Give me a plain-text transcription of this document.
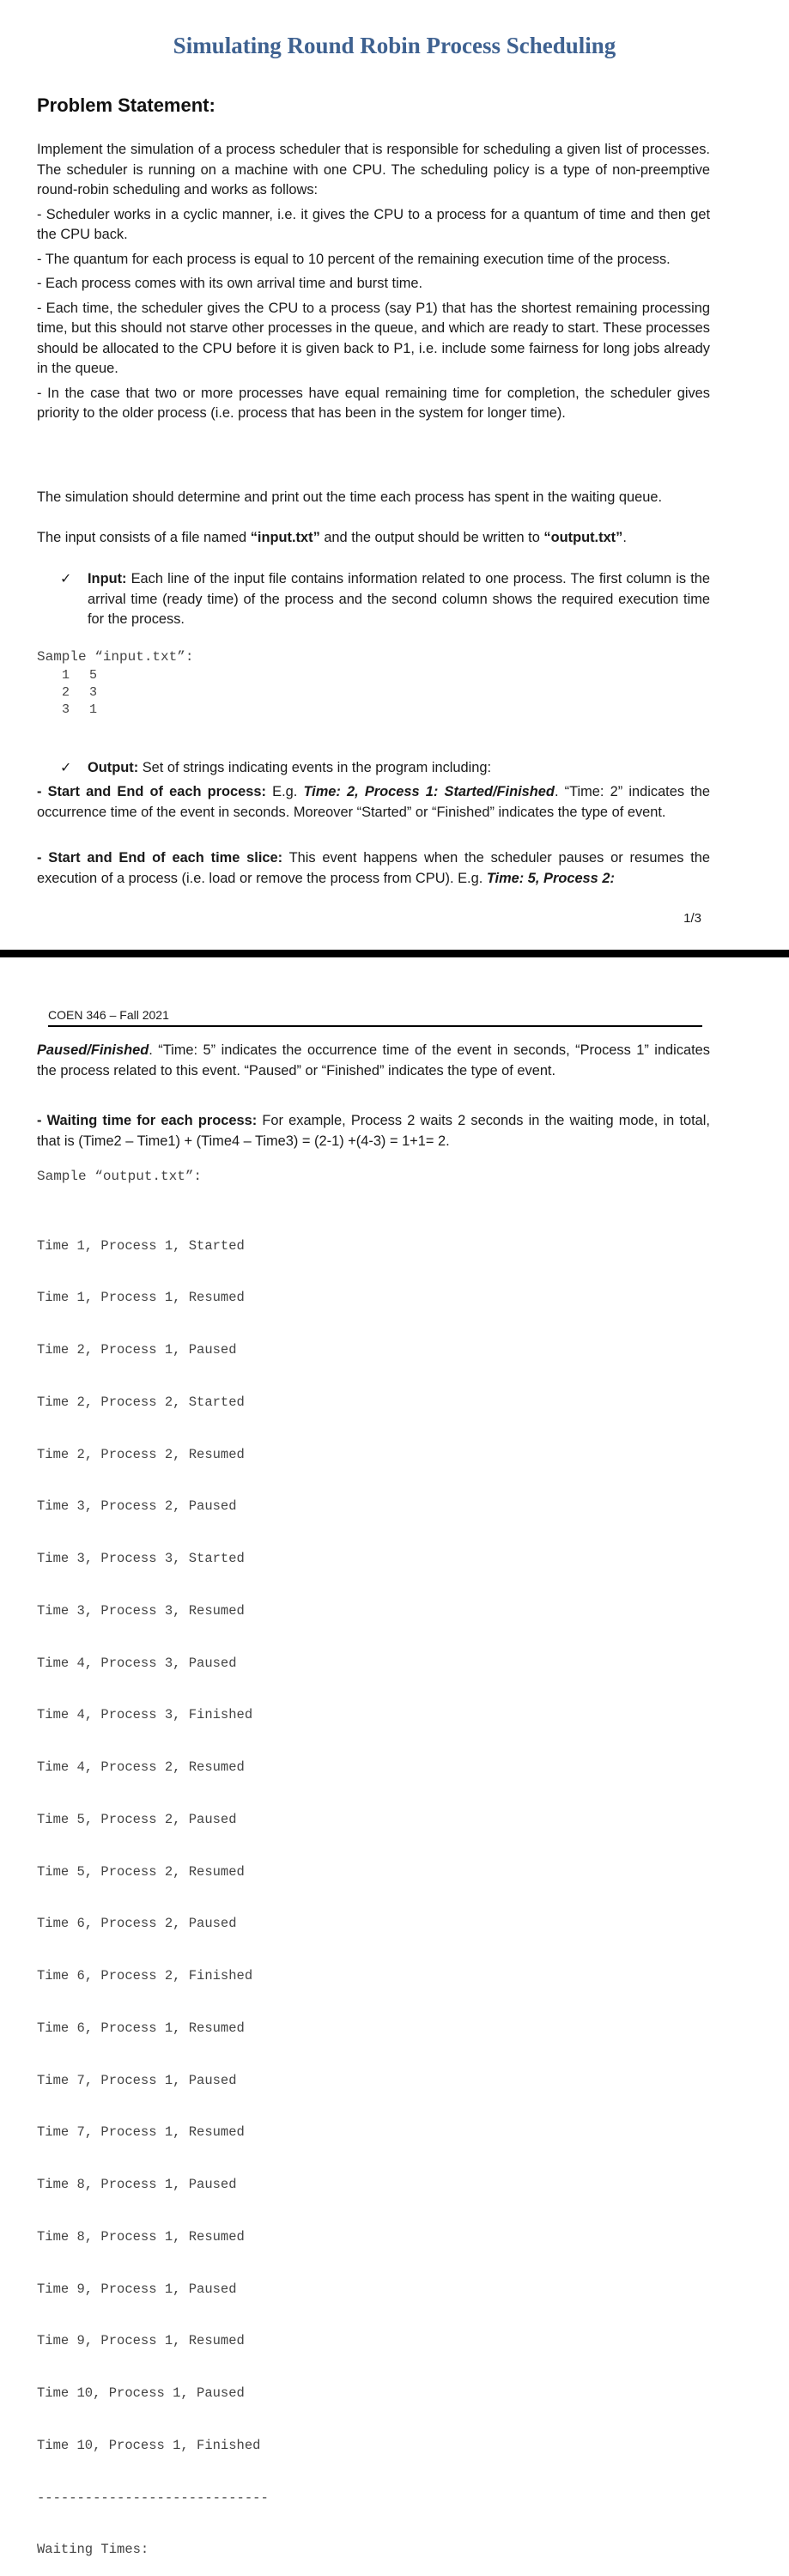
Simulating Round Robin Process Scheduling
Problem Statement:

Implement the simulation of a process scheduler that is responsible for scheduling a given list of processes. The scheduler is running on a machine with one CPU. The scheduling policy is a type of non-preemptive round-robin scheduling and works as follows:

- Scheduler works in a cyclic manner, i.e. it gives the CPU to a process for a quantum of time and then get the CPU back.

- The quantum for each process is equal to 10 percent of the remaining execution time of the process.

- Each process comes with its own arrival time and burst time.

- Each time, the scheduler gives the CPU to a process (say P1) that has the shortest remaining processing time, but this should not starve other processes in the queue, and which are ready to start. These processes should be allocated to the CPU before it is given back to P1, i.e. include some fairness for long jobs already in the queue.

- In the case that two or more processes have equal remaining time for completion, the scheduler gives priority to the older process (i.e. process that has been in the system for longer time).

The simulation should determine and print out the time each process has spent in the waiting queue.
The input consists of a file named “input.txt” and the output should be written to “output.txt”.
✓	Input: Each line of the input file contains information related to one process. The first column is the arrival time (ready time) of the process and the second column shows the required execution time for the process.
Sample “input.txt”:
1 5
2 3
3 1
✓	Output: Set of strings indicating events in the program including:
- Start and End of each process: E.g. Time: 2, Process 1: Started/Finished. “Time: 2” indicates the occurrence time of the event in seconds. Moreover “Started” or “Finished” indicates the type of event.
- Start and End of each time slice: This event happens when the scheduler pauses or resumes the execution of a process (i.e. load or remove the process from CPU). E.g. Time: 5, Process 2:
1/3
COEN 346 – Fall 2021
Paused/Finished. “Time: 5” indicates the occurrence time of the event in seconds, “Process 1” indicates the process related to this event. “Paused” or “Finished” indicates the type of event.
- Waiting time for each process: For example, Process 2 waits 2 seconds in the waiting mode, in total, that is (Time2 – Time1) + (Time4 – Time3) = (2-1) +(4-3) = 1+1= 2.
Sample “output.txt”:

Time 1, Process 1, Started

Time 1, Process 1, Resumed

Time 2, Process 1, Paused

Time 2, Process 2, Started

Time 2, Process 2, Resumed

Time 3, Process 2, Paused

Time 3, Process 3, Started

Time 3, Process 3, Resumed

Time 4, Process 3, Paused

Time 4, Process 3, Finished

Time 4, Process 2, Resumed

Time 5, Process 2, Paused

Time 5, Process 2, Resumed

Time 6, Process 2, Paused

Time 6, Process 2, Finished

Time 6, Process 1, Resumed

Time 7, Process 1, Paused

Time 7, Process 1, Resumed

Time 8, Process 1, Paused

Time 8, Process 1, Resumed

Time 9, Process 1, Paused

Time 9, Process 1, Resumed

Time 10, Process 1, Paused

Time 10, Process 1, Finished

-----------------------------

Waiting Times:
